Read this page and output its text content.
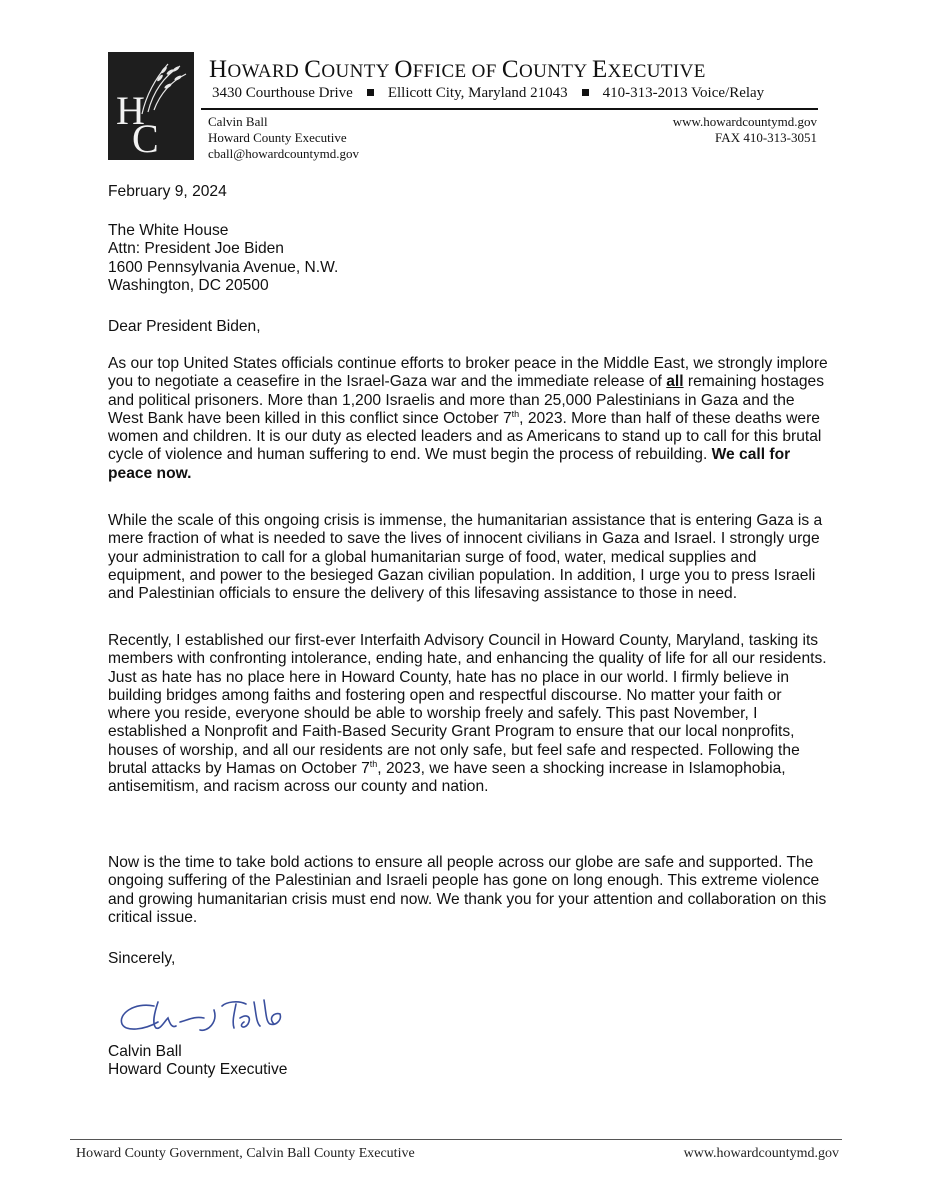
H
C
HOWARD COUNTY OFFICE OF COUNTY EXECUTIVE
3430 Courthouse Drive Ellicott City, Maryland 21043 410-313-2013 Voice/Relay
Calvin Ball
Howard County Executive
cball@howardcountymd.gov
www.howardcountymd.gov
FAX 410-313-3051
February 9, 2024
The White House
Attn: President Joe Biden
1600 Pennsylvania Avenue, N.W.
Washington, DC 20500
Dear President Biden,

As our top United States officials continue efforts to broker peace in the Middle East, we strongly implore you to negotiate a ceasefire in the Israel-Gaza war and the immediate release of all remaining hostages and political prisoners. More than 1,200 Israelis and more than 25,000 Palestinians in Gaza and the West Bank have been killed in this conflict since October 7th, 2023. More than half of these deaths were women and children. It is our duty as elected leaders and as Americans to stand up to call for this brutal cycle of violence and human suffering to end. We must begin the process of rebuilding. We call for peace now.

While the scale of this ongoing crisis is immense, the humanitarian assistance that is entering Gaza is a mere fraction of what is needed to save the lives of innocent civilians in Gaza and Israel. I strongly urge your administration to call for a global humanitarian surge of food, water, medical supplies and equipment, and power to the besieged Gazan civilian population. In addition, I urge you to press Israeli and Palestinian officials to ensure the delivery of this lifesaving assistance to those in need.

Recently, I established our first-ever Interfaith Advisory Council in Howard County, Maryland, tasking its members with confronting intolerance, ending hate, and enhancing the quality of life for all our residents. Just as hate has no place here in Howard County, hate has no place in our world. I firmly believe in building bridges among faiths and fostering open and respectful discourse. No matter your faith or where you reside, everyone should be able to worship freely and safely. This past November, I established a Nonprofit and Faith-Based Security Grant Program to ensure that our local nonprofits, houses of worship, and all our residents are not only safe, but feel safe and respected. Following the brutal attacks by Hamas on October 7th, 2023, we have seen a shocking increase in Islamophobia, antisemitism, and racism across our county and nation.

Now is the time to take bold actions to ensure all people across our globe are safe and supported. The ongoing suffering of the Palestinian and Israeli people has gone on long enough. This extreme violence and growing humanitarian crisis must end now. We thank you for your attention and collaboration on this critical issue.

Sincerely,
Calvin Ball
Howard County Executive
Howard County Government, Calvin Ball County Executive	www.howardcountymd.gov
